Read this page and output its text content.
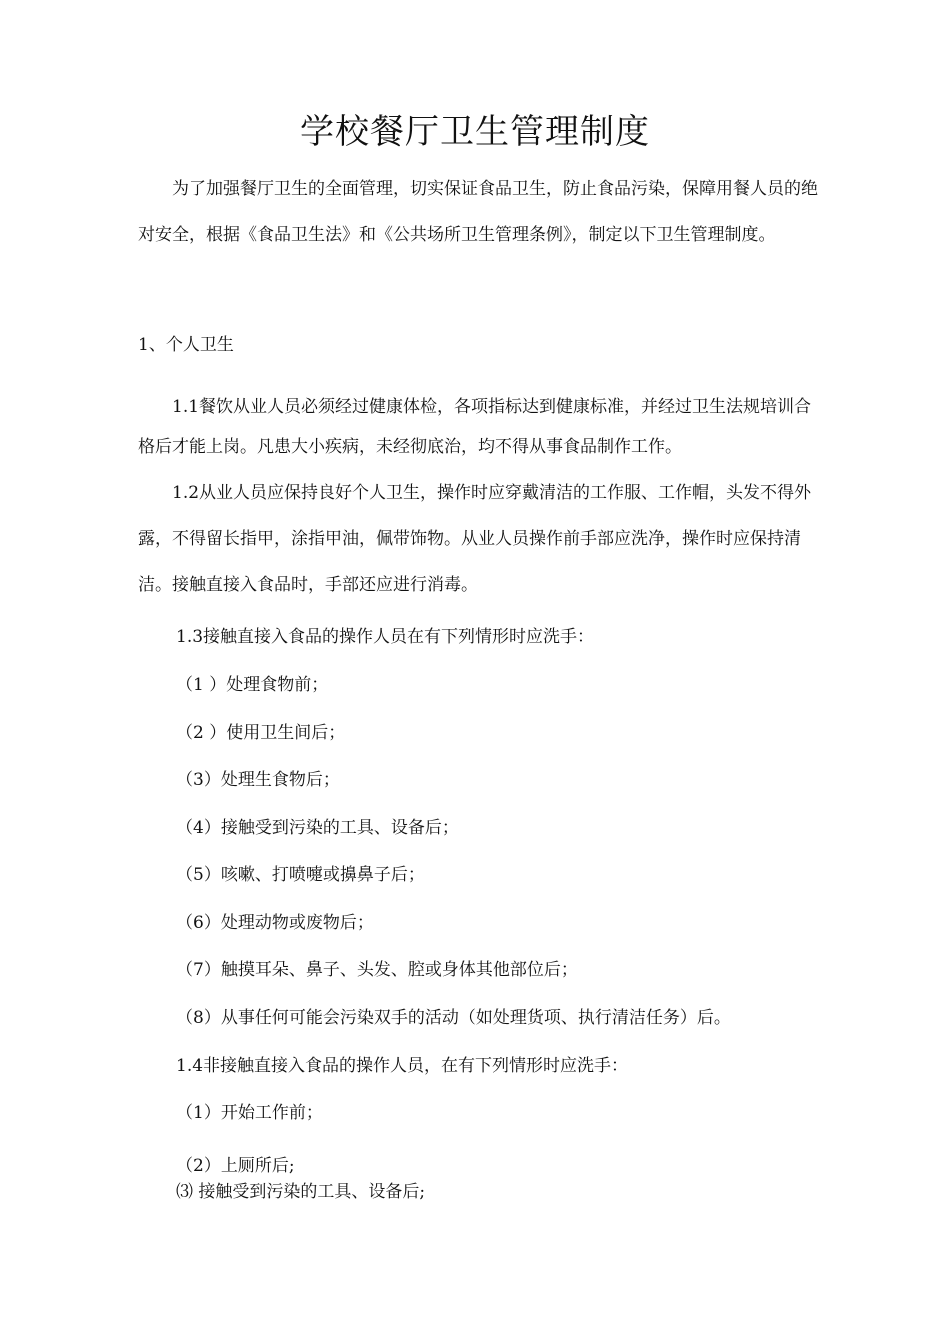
学校餐厅卫生管理制度

为了加强餐厅卫生的全面管理，切实保证食品卫生，防止食品污染，保障用餐人员的绝对安全，根据《食品卫生法》和《公共场所卫生管理条例》，制定以下卫生管理制度。

1、个人卫生

1.1餐饮从业人员必须经过健康体检，各项指标达到健康标准，并经过卫生法规培训合格后才能上岗。凡患大小疾病，未经彻底治，均不得从事食品制作工作。

1.2从业人员应保持良好个人卫生，操作时应穿戴清洁的工作服、工作帽，头发不得外露，不得留长指甲，涂指甲油，佩带饰物。从业人员操作前手部应洗净，操作时应保持清洁。接触直接入食品时，手部还应进行消毒。

1.3接触直接入食品的操作人员在有下列情形时应洗手：
（1 ）处理食物前；
（2 ）使用卫生间后；
（3）处理生食物后；
（4）接触受到污染的工具、设备后；
（5）咳嗽、打喷嚏或擤鼻子后；
（6）处理动物或废物后；
（7）触摸耳朵、鼻子、头发、腔或身体其他部位后；
（8）从事任何可能会污染双手的活动（如处理货项、执行清洁任务）后。
1.4非接触直接入食品的操作人员，在有下列情形时应洗手：
（1）开始工作前；
（2）上厕所后;
⑶ 接触受到污染的工具、设备后;
